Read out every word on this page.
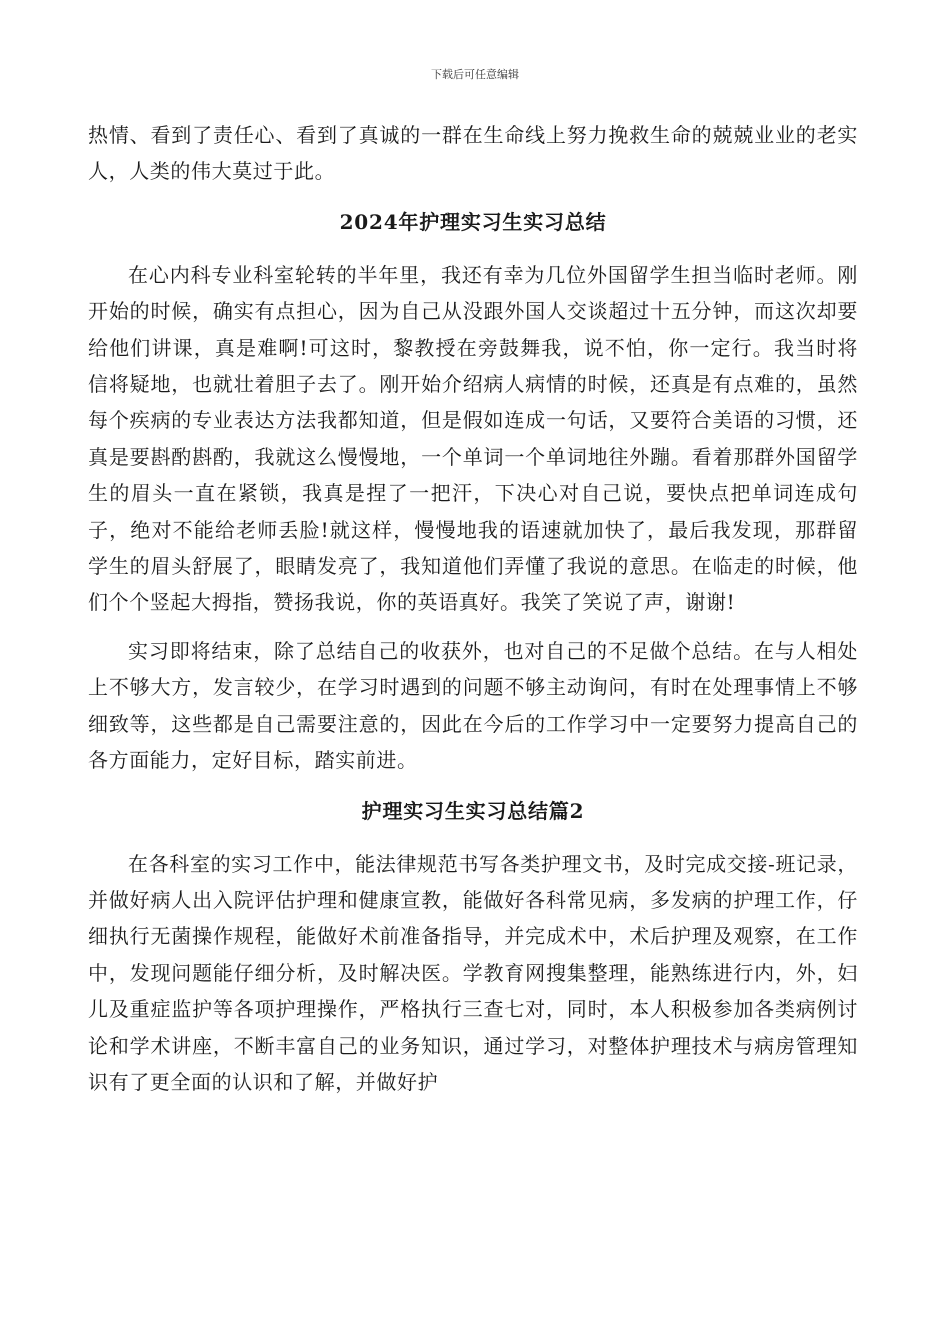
下载后可任意编辑

热情、看到了责任心、看到了真诚的一群在生命线上努力挽救生命的兢兢业业的老实人，人类的伟大莫过于此。

2024年护理实习生实习总结

在心内科专业科室轮转的半年里，我还有幸为几位外国留学生担当临时老师。刚开始的时候，确实有点担心，因为自己从没跟外国人交谈超过十五分钟，而这次却要给他们讲课，真是难啊!可这时，黎教授在旁鼓舞我，说不怕，你一定行。我当时将信将疑地，也就壮着胆子去了。刚开始介绍病人病情的时候，还真是有点难的，虽然每个疾病的专业表达方法我都知道，但是假如连成一句话，又要符合美语的习惯，还真是要斟酌斟酌，我就这么慢慢地，一个单词一个单词地往外蹦。看着那群外国留学生的眉头一直在紧锁，我真是捏了一把汗，下决心对自己说，要快点把单词连成句子，绝对不能给老师丢脸!就这样，慢慢地我的语速就加快了，最后我发现，那群留学生的眉头舒展了，眼睛发亮了，我知道他们弄懂了我说的意思。在临走的时候，他们个个竖起大拇指，赞扬我说，你的英语真好。我笑了笑说了声，谢谢!

实习即将结束，除了总结自己的收获外，也对自己的不足做个总结。在与人相处上不够大方，发言较少，在学习时遇到的问题不够主动询问，有时在处理事情上不够细致等，这些都是自己需要注意的，因此在今后的工作学习中一定要努力提高自己的各方面能力，定好目标，踏实前进。

护理实习生实习总结篇2

在各科室的实习工作中，能法律规范书写各类护理文书，及时完成交接-班记录，并做好病人出入院评估护理和健康宣教，能做好各科常见病，多发病的护理工作，仔细执行无菌操作规程，能做好术前准备指导，并完成术中，术后护理及观察，在工作中，发现问题能仔细分析，及时解决医。学教育网搜集整理，能熟练进行内，外，妇儿及重症监护等各项护理操作，严格执行三查七对，同时，本人积极参加各类病例讨论和学术讲座，不断丰富自己的业务知识，通过学习，对整体护理技术与病房管理知识有了更全面的认识和了解，并做好护
